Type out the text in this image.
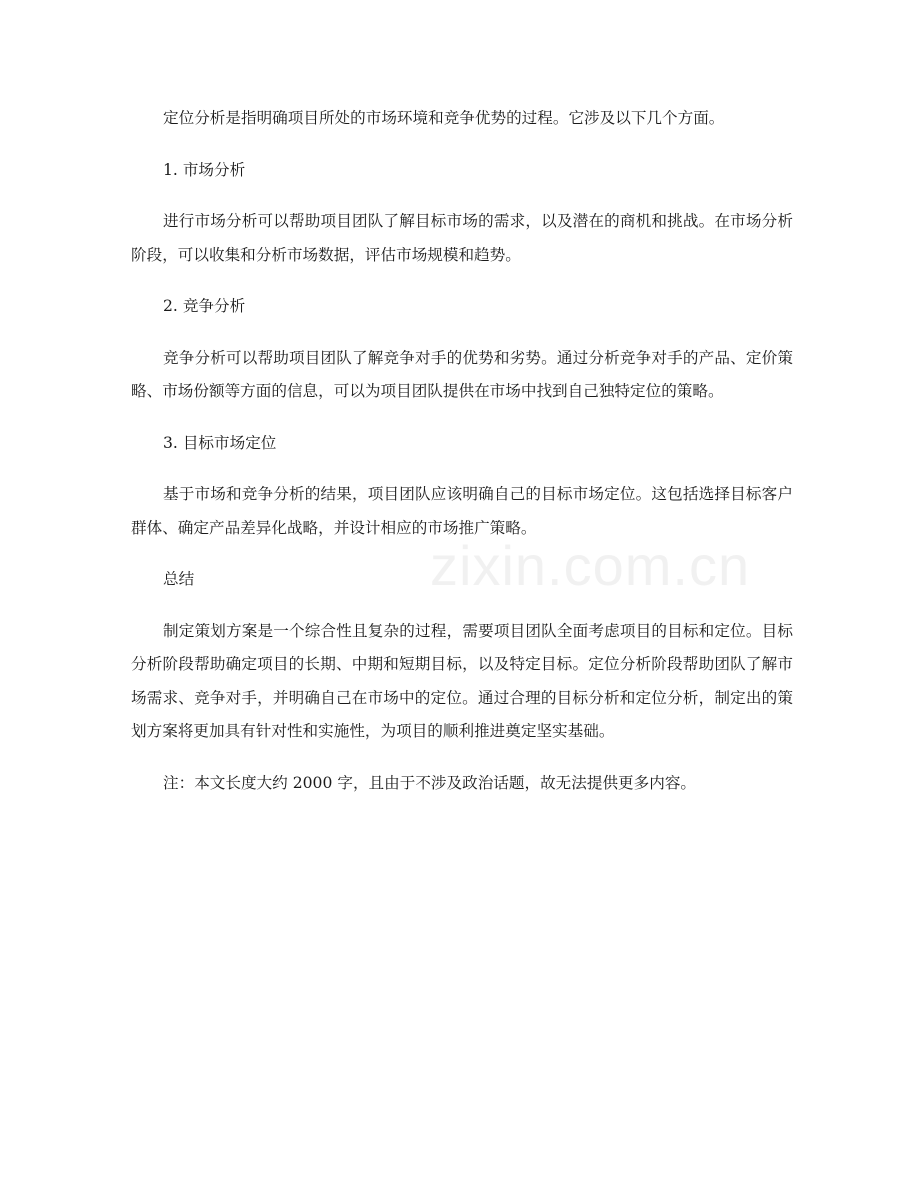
定位分析是指明确项目所处的市场环境和竞争优势的过程。它涉及以下几个方面。

1. 市场分析

进行市场分析可以帮助项目团队了解目标市场的需求，以及潜在的商机和挑战。在市场分析阶段，可以收集和分析市场数据，评估市场规模和趋势。

2. 竞争分析

竞争分析可以帮助项目团队了解竞争对手的优势和劣势。通过分析竞争对手的产品、定价策略、市场份额等方面的信息，可以为项目团队提供在市场中找到自己独特定位的策略。

3. 目标市场定位

基于市场和竞争分析的结果，项目团队应该明确自己的目标市场定位。这包括选择目标客户群体、确定产品差异化战略，并设计相应的市场推广策略。

总结

制定策划方案是一个综合性且复杂的过程，需要项目团队全面考虑项目的目标和定位。目标分析阶段帮助确定项目的长期、中期和短期目标，以及特定目标。定位分析阶段帮助团队了解市场需求、竞争对手，并明确自己在市场中的定位。通过合理的目标分析和定位分析，制定出的策划方案将更加具有针对性和实施性，为项目的顺利推进奠定坚实基础。

注：本文长度大约 2000 字，且由于不涉及政治话题，故无法提供更多内容。

zixin.com.cn
